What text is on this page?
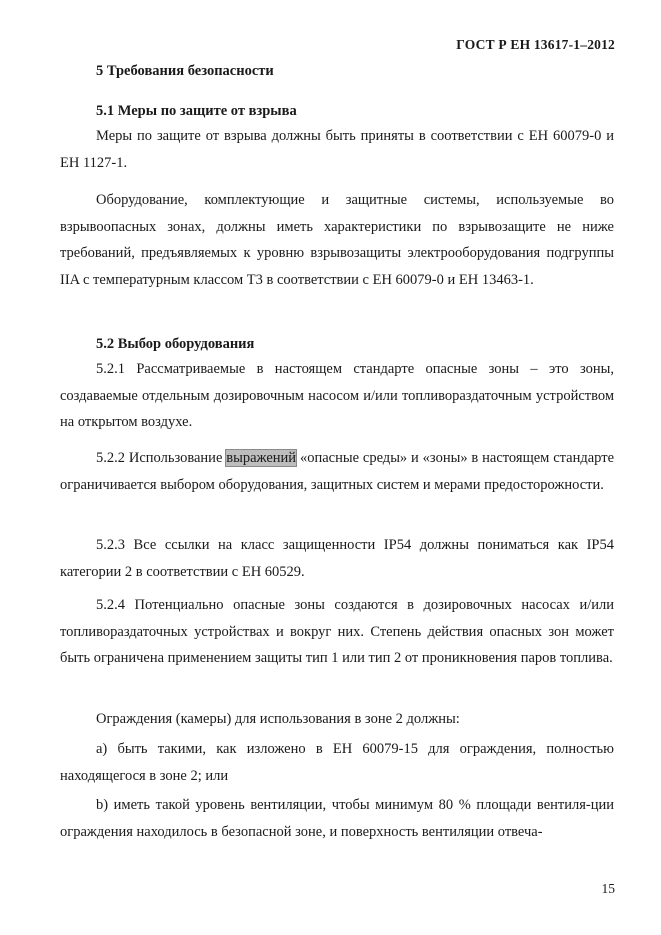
ГОСТ Р ЕН 13617-1–2012
5 Требования безопасности
5.1 Меры по защите от взрыва
Меры по защите от взрыва должны быть приняты в соответствии с ЕН 60079-0 и ЕН 1127-1.
Оборудование, комплектующие и защитные системы, используемые во взрывоопасных зонах, должны иметь характеристики по взрывозащите не ниже требований, предъявляемых к уровню взрывозащиты электрооборудования подгруппы IIA с температурным классом Т3 в соответствии с ЕН 60079-0 и ЕН 13463-1.
5.2 Выбор оборудования
5.2.1 Рассматриваемые в настоящем стандарте опасные зоны – это зоны, создаваемые отдельным дозировочным насосом и/или топливораздаточным устройством на открытом воздухе.
5.2.2 Использование выражений «опасные среды» и «зоны» в настоящем стандарте ограничивается выбором оборудования, защитных систем и мерами предосторожности.
5.2.3 Все ссылки на класс защищенности IP54 должны пониматься как IP54 категории 2 в соответствии с ЕН 60529.
5.2.4 Потенциально опасные зоны создаются в дозировочных насосах и/или топливораздаточных устройствах и вокруг них. Степень действия опасных зон может быть ограничена применением защиты тип 1 или тип 2 от проникновения паров топлива.
Ограждения (камеры) для использования в зоне 2 должны:
а) быть такими, как изложено в ЕН 60079-15 для ограждения, полностью находящегося в зоне 2; или
b) иметь такой уровень вентиляции, чтобы минимум 80 % площади вентиля-ции ограждения находилось в безопасной зоне, и поверхность вентиляции отвеча-
15
